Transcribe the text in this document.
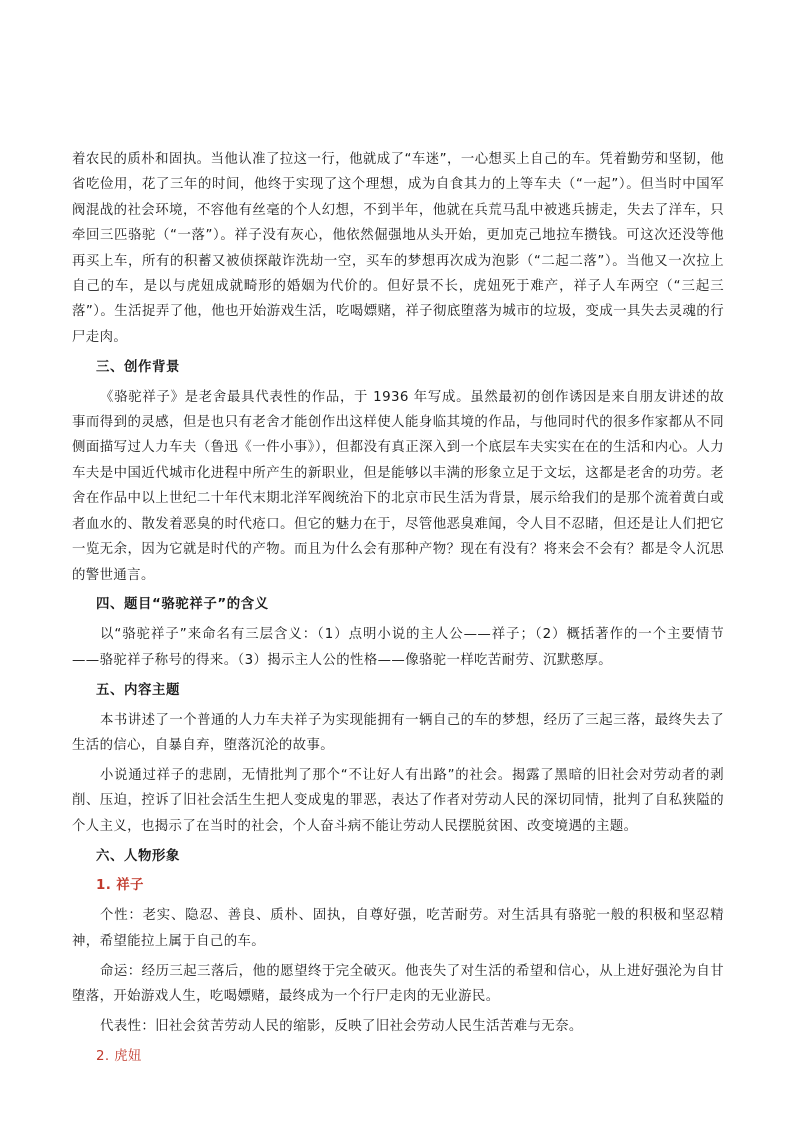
着农民的质朴和固执。当他认准了拉这一行，他就成了“车迷”，一心想买上自己的车。凭着勤劳和坚韧，他省吃俭用，花了三年的时间，他终于实现了这个理想，成为自食其力的上等车夫（“一起”）。但当时中国军阀混战的社会环境，不容他有丝毫的个人幻想，不到半年，他就在兵荒马乱中被逃兵掳走，失去了洋车，只牵回三匹骆驼（“一落”）。祥子没有灰心，他依然倔强地从头开始，更加克己地拉车攒钱。可这次还没等他再买上车，所有的积蓄又被侦探敲诈洗劫一空，买车的梦想再次成为泡影（“二起二落”）。当他又一次拉上自己的车，是以与虎妞成就畸形的婚姻为代价的。但好景不长，虎妞死于难产，祥子人车两空（“三起三落”）。生活捉弄了他，他也开始游戏生活，吃喝嫖赌，祥子彻底堕落为城市的垃圾，变成一具失去灵魂的行尸走肉。

三、创作背景

《骆驼祥子》是老舍最具代表性的作品，于 1936 年写成。虽然最初的创作诱因是来自朋友讲述的故事而得到的灵感，但是也只有老舍才能创作出这样使人能身临其境的作品，与他同时代的很多作家都从不同侧面描写过人力车夫（鲁迅《一件小事》），但都没有真正深入到一个底层车夫实实在在的生活和内心。人力车夫是中国近代城市化进程中所产生的新职业，但是能够以丰满的形象立足于文坛，这都是老舍的功劳。老舍在作品中以上世纪二十年代末期北洋军阀统治下的北京市民生活为背景，展示给我们的是那个流着黄白或者血水的、散发着恶臭的时代疮口。但它的魅力在于，尽管他恶臭难闻，令人目不忍睹，但还是让人们把它一览无余，因为它就是时代的产物。而且为什么会有那种产物？现在有没有？将来会不会有？都是令人沉思的警世通言。

四、题目“骆驼祥子”的含义

以“骆驼祥子”来命名有三层含义：（1）点明小说的主人公——祥子；（2）概括著作的一个主要情节——骆驼祥子称号的得来。（3）揭示主人公的性格——像骆驼一样吃苦耐劳、沉默憨厚。

五、内容主题

本书讲述了一个普通的人力车夫祥子为实现能拥有一辆自己的车的梦想，经历了三起三落，最终失去了生活的信心，自暴自弃，堕落沉沦的故事。

小说通过祥子的悲剧，无情批判了那个“不让好人有出路”的社会。揭露了黑暗的旧社会对劳动者的剥削、压迫，控诉了旧社会活生生把人变成鬼的罪恶，表达了作者对劳动人民的深切同情，批判了自私狭隘的个人主义，也揭示了在当时的社会，个人奋斗病不能让劳动人民摆脱贫困、改变境遇的主题。

六、人物形象

1. 祥子

个性：老实、隐忍、善良、质朴、固执，自尊好强，吃苦耐劳。对生活具有骆驼一般的积极和坚忍精神，希望能拉上属于自己的车。

命运：经历三起三落后，他的愿望终于完全破灭。他丧失了对生活的希望和信心，从上进好强沦为自甘堕落，开始游戏人生，吃喝嫖赌，最终成为一个行尸走肉的无业游民。

代表性：旧社会贫苦劳动人民的缩影，反映了旧社会劳动人民生活苦难与无奈。

2. 虎妞
